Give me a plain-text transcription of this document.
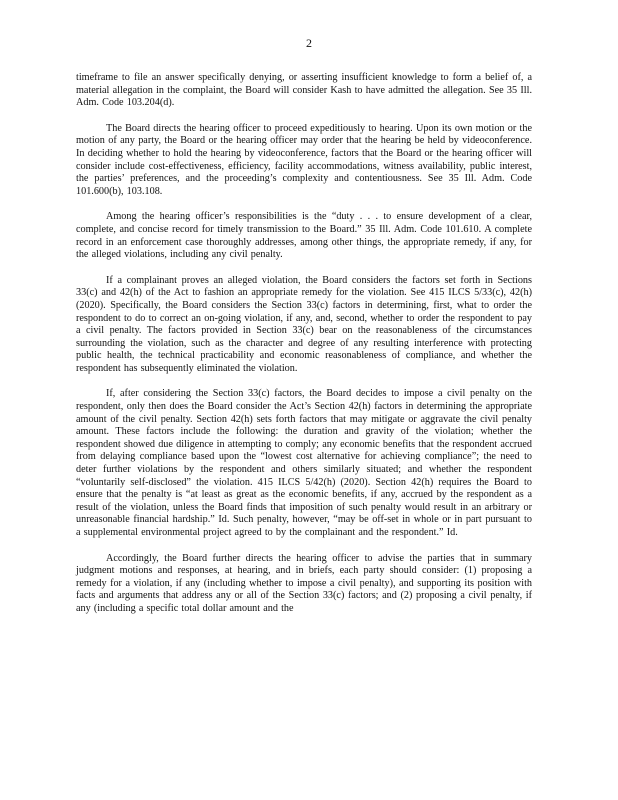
2

timeframe to file an answer specifically denying, or asserting insufficient knowledge to form a belief of, a material allegation in the complaint, the Board will consider Kash to have admitted the allegation. See 35 Ill. Adm. Code 103.204(d).

The Board directs the hearing officer to proceed expeditiously to hearing. Upon its own motion or the motion of any party, the Board or the hearing officer may order that the hearing be held by videoconference. In deciding whether to hold the hearing by videoconference, factors that the Board or the hearing officer will consider include cost-effectiveness, efficiency, facility accommodations, witness availability, public interest, the parties’ preferences, and the proceeding’s complexity and contentiousness. See 35 Ill. Adm. Code 101.600(b), 103.108.

Among the hearing officer’s responsibilities is the “duty . . . to ensure development of a clear, complete, and concise record for timely transmission to the Board.” 35 Ill. Adm. Code 101.610. A complete record in an enforcement case thoroughly addresses, among other things, the appropriate remedy, if any, for the alleged violations, including any civil penalty.

If a complainant proves an alleged violation, the Board considers the factors set forth in Sections 33(c) and 42(h) of the Act to fashion an appropriate remedy for the violation. See 415 ILCS 5/33(c), 42(h) (2020). Specifically, the Board considers the Section 33(c) factors in determining, first, what to order the respondent to do to correct an on-going violation, if any, and, second, whether to order the respondent to pay a civil penalty. The factors provided in Section 33(c) bear on the reasonableness of the circumstances surrounding the violation, such as the character and degree of any resulting interference with protecting public health, the technical practicability and economic reasonableness of compliance, and whether the respondent has subsequently eliminated the violation.

If, after considering the Section 33(c) factors, the Board decides to impose a civil penalty on the respondent, only then does the Board consider the Act’s Section 42(h) factors in determining the appropriate amount of the civil penalty. Section 42(h) sets forth factors that may mitigate or aggravate the civil penalty amount. These factors include the following: the duration and gravity of the violation; whether the respondent showed due diligence in attempting to comply; any economic benefits that the respondent accrued from delaying compliance based upon the “lowest cost alternative for achieving compliance”; the need to deter further violations by the respondent and others similarly situated; and whether the respondent “voluntarily self-disclosed” the violation. 415 ILCS 5/42(h) (2020). Section 42(h) requires the Board to ensure that the penalty is “at least as great as the economic benefits, if any, accrued by the respondent as a result of the violation, unless the Board finds that imposition of such penalty would result in an arbitrary or unreasonable financial hardship.” Id. Such penalty, however, “may be off-set in whole or in part pursuant to a supplemental environmental project agreed to by the complainant and the respondent.” Id.

Accordingly, the Board further directs the hearing officer to advise the parties that in summary judgment motions and responses, at hearing, and in briefs, each party should consider: (1) proposing a remedy for a violation, if any (including whether to impose a civil penalty), and supporting its position with facts and arguments that address any or all of the Section 33(c) factors; and (2) proposing a civil penalty, if any (including a specific total dollar amount and the
